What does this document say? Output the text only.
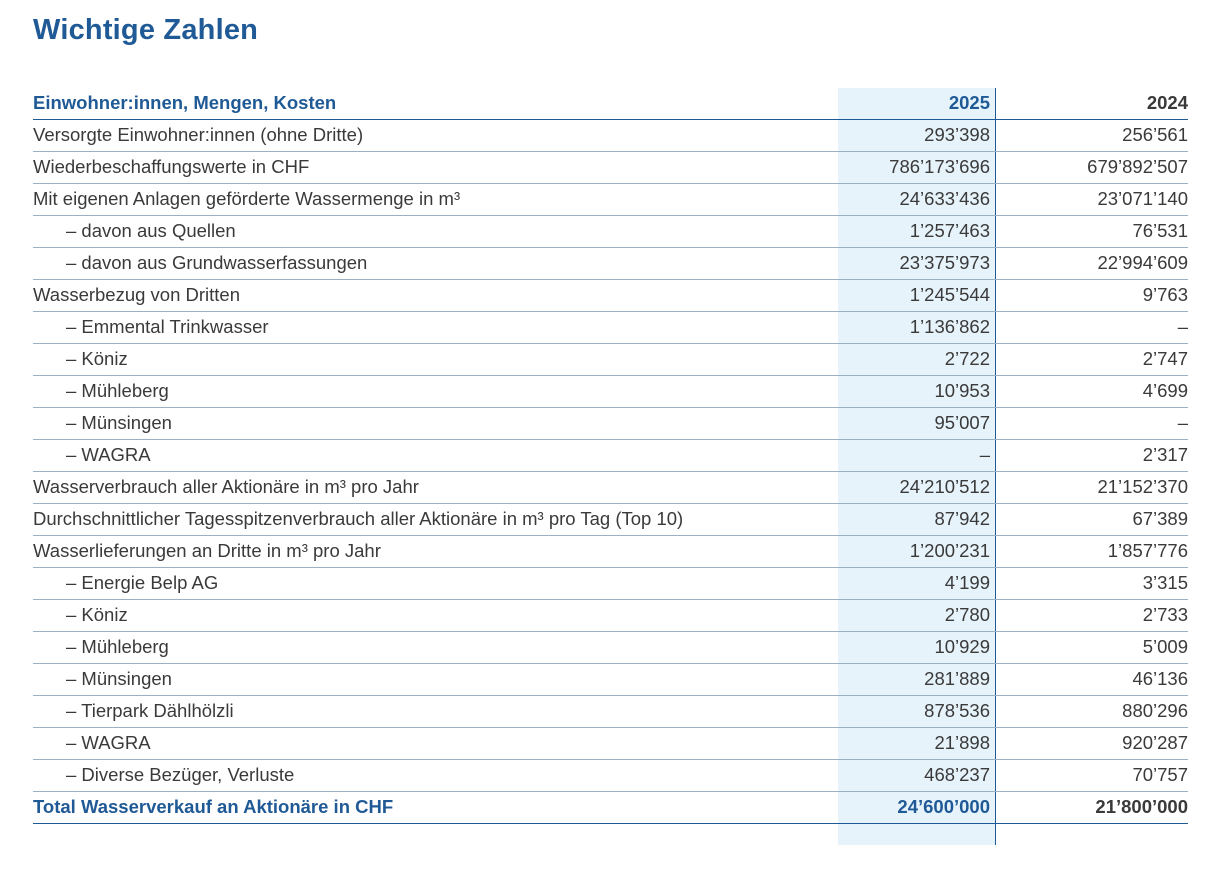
Wichtige Zahlen
Einwohner:innen, Mengen, Kosten	2025	2024
Versorgte Einwohner:innen (ohne Dritte)	293’398	256’561
Wiederbeschaffungswerte in CHF	786’173’696	679’892’507
Mit eigenen Anlagen geförderte Wassermenge in m³	24’633’436	23’071’140
– davon aus Quellen	1’257’463	76’531
– davon aus Grundwasserfassungen	23’375’973	22’994’609
Wasserbezug von Dritten	1’245’544	9’763
– Emmental Trinkwasser	1’136’862	–
– Köniz	2’722	2’747
– Mühleberg	10’953	4’699
– Münsingen	95’007	–
– WAGRA	–	2’317
Wasserverbrauch aller Aktionäre in m³ pro Jahr	24’210’512	21’152’370
Durchschnittlicher Tagesspitzenverbrauch aller Aktionäre in m³ pro Tag (Top 10)	87’942	67’389
Wasserlieferungen an Dritte in m³ pro Jahr	1’200’231	1’857’776
– Energie Belp AG	4’199	3’315
– Köniz	2’780	2’733
– Mühleberg	10’929	5’009
– Münsingen	281’889	46’136
– Tierpark Dählhölzli	878’536	880’296
– WAGRA	21’898	920’287
– Diverse Bezüger, Verluste	468’237	70’757
Total Wasserverkauf an Aktionäre in CHF	24’600’000	21’800’000
